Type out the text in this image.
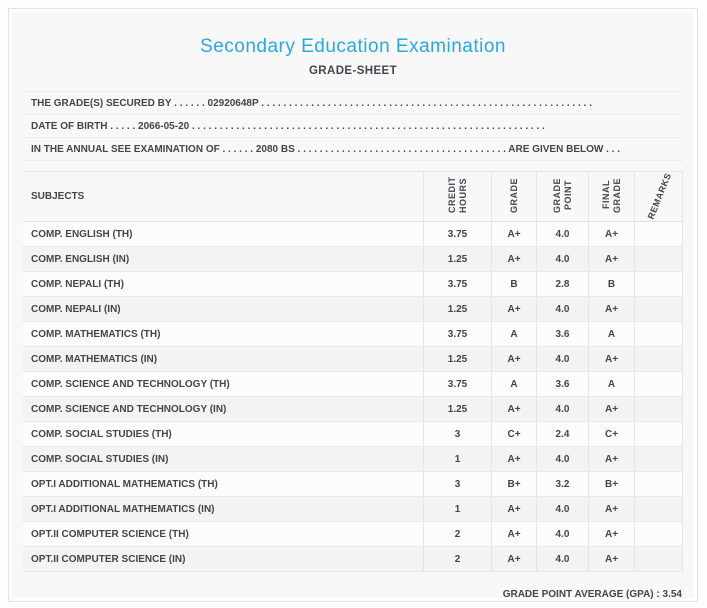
Secondary Education Examination
GRADE-SHEET
THE GRADE(S) SECURED BY . . . . . . 02920648P . . . . . . . . . . . . . . . . . . . . . . . . . . . . . . . . . . . . . . . . . . . . . . . . . . . . . . . . . . . .
DATE OF BIRTH . . . . . 2066-05-20 . . . . . . . . . . . . . . . . . . . . . . . . . . . . . . . . . . . . . . . . . . . . . . . . . . . . . . . . . . . . . . . .
IN THE ANNUAL SEE EXAMINATION OF . . . . . . 2080 BS . . . . . . . . . . . . . . . . . . . . . . . . . . . . . . . . . . . . . . ARE GIVEN BELOW . . .
SUBJECTS	CREDIT HOURS	GRADE	GRADE POINT	FINAL GRADE	REMARKS
COMP. ENGLISH (TH)	3.75	A+	4.0	A+	
COMP. ENGLISH (IN)	1.25	A+	4.0	A+	
COMP. NEPALI (TH)	3.75	B	2.8	B	
COMP. NEPALI (IN)	1.25	A+	4.0	A+	
COMP. MATHEMATICS (TH)	3.75	A	3.6	A	
COMP. MATHEMATICS (IN)	1.25	A+	4.0	A+	
COMP. SCIENCE AND TECHNOLOGY (TH)	3.75	A	3.6	A	
COMP. SCIENCE AND TECHNOLOGY (IN)	1.25	A+	4.0	A+	
COMP. SOCIAL STUDIES (TH)	3	C+	2.4	C+	
COMP. SOCIAL STUDIES (IN)	1	A+	4.0	A+	
OPT.I ADDITIONAL MATHEMATICS (TH)	3	B+	3.2	B+	
OPT.I ADDITIONAL MATHEMATICS (IN)	1	A+	4.0	A+	
OPT.II COMPUTER SCIENCE (TH)	2	A+	4.0	A+	
OPT.II COMPUTER SCIENCE (IN)	2	A+	4.0	A+	
GRADE POINT AVERAGE (GPA) : 3.54
